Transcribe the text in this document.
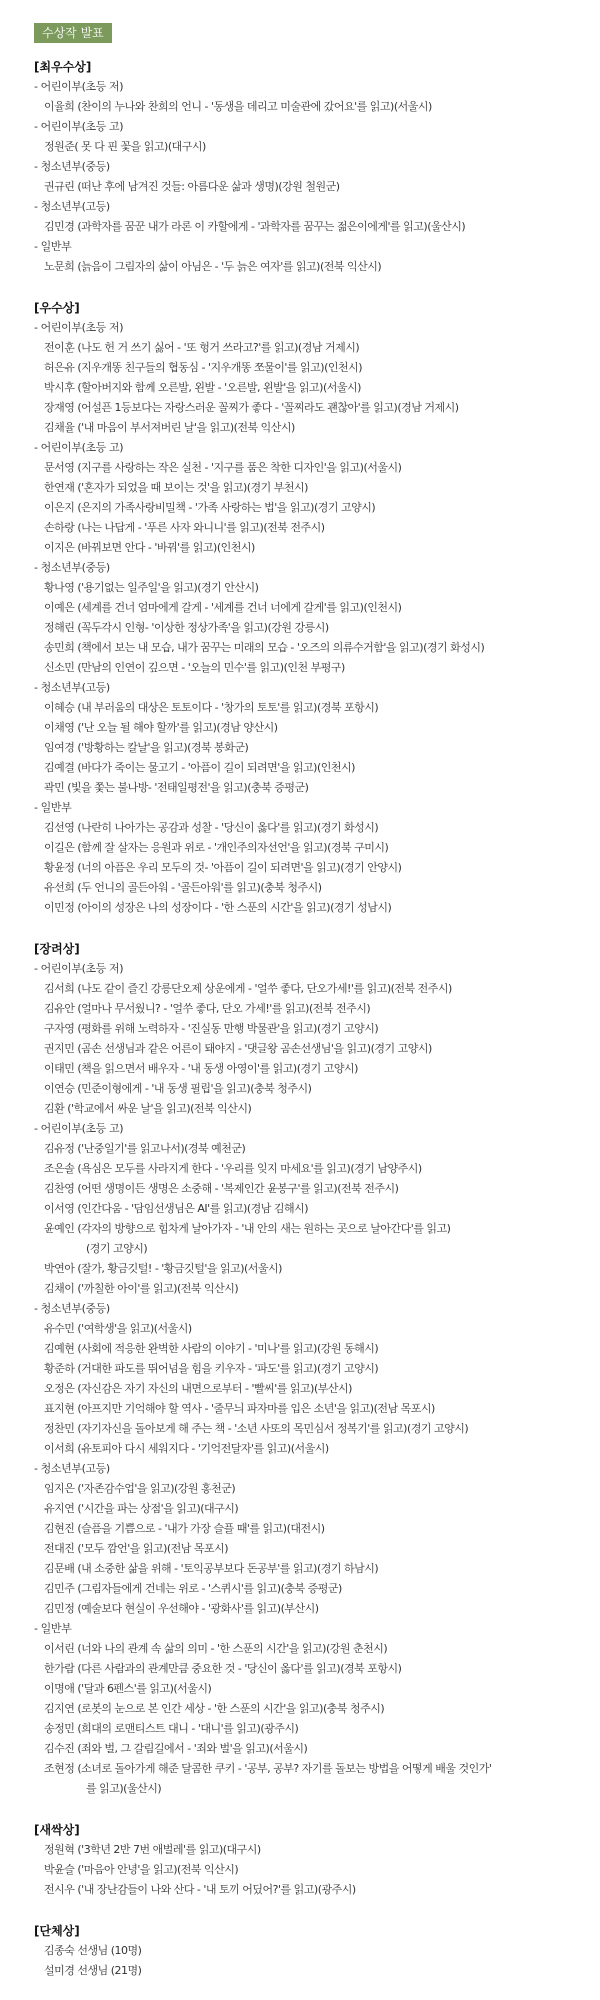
수상작 발표
[최우수상]
- 어린이부(초등 저)
이율희 (찬이의 누나와 찬희의 언니 - '동생을 데리고 미술관에 갔어요'를 읽고)(서울시)
- 어린이부(초등 고)
정원준( 못 다 핀 꽃을 읽고)(대구시)
- 청소년부(중등)
권규린 (떠난 후에 남겨진 것들: 아름다운 삶과 생명)(강원 철원군)
- 청소년부(고등)
김민경 (과학자를 꿈꾼 내가 라론 이 카할에게 - '과학자를 꿈꾸는 젊은이에게'를 읽고)(울산시)
- 일반부
노문희 (늙음이 그림자의 삶이 아님은 - '두 늙은 여자'를 읽고)(전북 익산시)
[우수상]
- 어린이부(초등 저)
전이훈 (나도 헌 거 쓰기 싫어 - '또 헝거 쓰라고?'를 읽고)(경남 거제시)
허은유 (지우개똥 친구들의 협동심 - '지우개똥 쪼물이'를 읽고)(인천시)
박시후 (할아버지와 함께 오른발, 왼발 - '오른발, 왼발'을 읽고)(서울시)
장재영 (어설픈 1등보다는 자랑스러운 꼴찌가 좋다 - '꼴찌라도 괜찮아'를 읽고)(경남 거제시)
김채율 ('내 마음이 부서져버린 날'을 읽고)(전북 익산시)
- 어린이부(초등 고)
문서영 (지구를 사랑하는 작은 실천 - '지구를 품은 착한 디자인'을 읽고)(서울시)
한연재 ('혼자가 되었을 때 보이는 것'을 읽고)(경기 부천시)
이은지 (은지의 가족사랑비밀책 - '가족 사랑하는 법'을 읽고)(경기 고양시)
손하랑 (나는 나답게 - '푸른 사자 와니니'를 읽고)(전북 전주시)
이지은 (바꿔보면 안다 - '바꿔'를 읽고)(인천시)
- 청소년부(중등)
황나영 ('용기없는 일주일'을 읽고)(경기 안산시)
이예은 (세계를 건너 엄마에게 갈게 - '세계를 건너 너에게 갈게'를 읽고)(인천시)
정해린 (꼭두각시 인형- '이상한 정상가족'을 읽고)(강원 강릉시)
송민희 (책에서 보는 내 모습, 내가 꿈꾸는 미래의 모습 - '오즈의 의류수거함'을 읽고)(경기 화성시)
신소민 (만남의 인연이 깊으면 - '오늘의 민수'를 읽고)(인천 부평구)
- 청소년부(고등)
이혜승 (내 부러움의 대상은 토토이다 - '창가의 토토'를 읽고)(경북 포항시)
이채영 ('난 오늘 될 해야 할까'를 읽고)(경남 양산시)
임여경 ('방황하는 칼날'을 읽고)(경북 봉화군)
김예결 (바다가 죽이는 물고기 - '아픔이 길이 되려면'을 읽고)(인천시)
곽민 (빛을 쫓는 불나방- '전태일평전'을 읽고)(충북 증평군)
- 일반부
김선영 (나란히 나아가는 공감과 성찰 - '당신이 옳다'를 읽고)(경기 화성시)
이길은 (함께 잘 살자는 응원과 위로 - '개인주의자선언'을 읽고)(경북 구미시)
황윤정 (너의 아픔은 우리 모두의 것- '아픔이 길이 되려면'을 읽고)(경기 안양시)
유선희 (두 언니의 골든아워 - '골든아워'를 읽고)(충북 청주시)
이민정 (아이의 성장은 나의 성장이다 - '한 스푼의 시간'을 읽고)(경기 성남시)
[장려상]
- 어린이부(초등 저)
김서희 (나도 같이 즐긴 강릉단오제 상운에게 - '얼쑤 좋다, 단오가세!'를 읽고)(전북 전주시)
김유안 (얼마나 무서웠니? - '얼쑤 좋다, 단오 가세!'를 읽고)(전북 전주시)
구자영 (평화를 위해 노력하자 - '진실동 만행 박물관'을 읽고)(경기 고양시)
권지민 (곰손 선생님과 같은 어른이 돼야지 - '댓글왕 곰손선생님'을 읽고)(경기 고양시)
이태민 (책을 읽으면서 배우자 - '내 동생 아영이'를 읽고)(경기 고양시)
이연승 (민준이형에게 - '내 동생 필립'을 읽고)(충북 청주시)
김환 ('학교에서 싸운 날'을 읽고)(전북 익산시)
- 어린이부(초등 고)
김유정 ('난중일기'를 읽고나서)(경북 예천군)
조은솔 (욕심은 모두를 사라지게 한다 - '우리를 잊지 마세요'를 읽고)(경기 남양주시)
김찬영 (어떤 생명이든 생명은 소중해 - '복제인간 윤봉구'를 읽고)(전북 전주시)
이서영 (인간다움 - '담임선생님은 AI'를 읽고)(경남 김해시)
윤예인 (각자의 방향으로 힘차게 날아가자 - '내 안의 새는 원하는 곳으로 날아간다'를 읽고)
(경기 고양시)
박연아 (잘가, 황금깃털! - '황금깃털'을 읽고)(서울시)
김채이 ('까칠한 아이'를 읽고)(전북 익산시)
- 청소년부(중등)
유수민 ('여학생'을 읽고)(서울시)
김예현 (사회에 적응한 완벽한 사람의 이야기 - '미나'를 읽고)(강원 동해시)
황준하 (거대한 파도를 뛰어넘을 힘을 키우자 - '파도'를 읽고)(경기 고양시)
오정은 (자신감은 자기 자신의 내면으로부터 - '빨씨'를 읽고)(부산시)
표지현 (아프지만 기억해야 할 역사 - '줄무늬 파자마를 입은 소년'을 읽고)(전남 목포시)
정찬민 (자기자신을 돌아보게 해 주는 책 - '소년 사또의 목민심서 정복기'를 읽고)(경기 고양시)
이서희 (유토피아 다시 세워지다 - '기억전달자'를 읽고)(서울시)
- 청소년부(고등)
임지은 ('자존감수업'을 읽고)(강원 홍천군)
유지연 ('시간을 파는 상점'을 읽고)(대구시)
김현진 (슬픔을 기쁨으로 - '내가 가장 슬플 때'를 읽고)(대전시)
전대진 ('모두 깜언'을 읽고)(전남 목포시)
김문배 (내 소중한 삶을 위해 - '토익공부보다 돈공부'를 읽고)(경기 하남시)
김민주 (그림자들에게 건네는 위로 - '스퀴시'를 읽고)(충북 증평군)
김민정 (예술보다 현실이 우선해야 - '광화사'를 읽고)(부산시)
- 일반부
이서린 (너와 나의 관계 속 삶의 의미 - '한 스푼의 시간'을 읽고)(강원 춘천시)
한가람 (다른 사람과의 관계만큼 중요한 것 - '당신이 옳다'를 읽고)(경북 포항시)
이명애 ('달과 6펜스'를 읽고)(서울시)
김지연 (로봇의 눈으로 본 인간 세상 - '한 스푼의 시간'을 읽고)(충북 청주시)
송정민 (희대의 로맨티스트 대니 - '대니'를 읽고)(광주시)
김수진 (죄와 벌, 그 갈림길에서 - '죄와 벌'을 읽고)(서울시)
조현정 (소녀로 돌아가게 해준 달콤한 쿠키 - '공부, 공부? 자기를 돌보는 방법을 어떻게 배울 것인가'
를 읽고)(울산시)
[새싹상]
정원혁 ('3학년 2반 7번 애벌레'를 읽고)(대구시)
박윤슬 ('마음아 안녕'을 읽고)(전북 익산시)
전시우 ('내 장난감들이 나와 산다 - '내 토끼 어딨어?'를 읽고)(광주시)
[단체상]
김종숙 선생님 (10명)
설미경 선생님 (21명)
